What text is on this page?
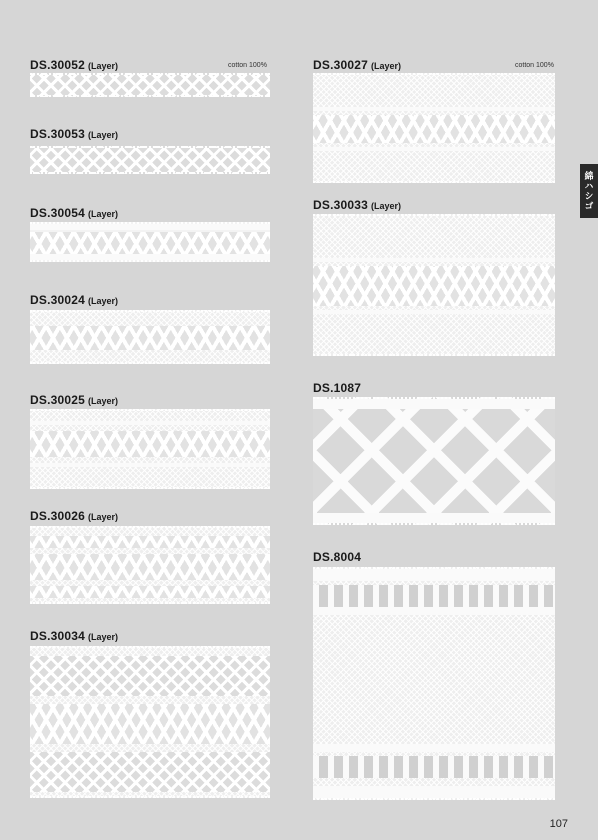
DS.30052 (Layer)	cotton 100%
DS.30053 (Layer)
DS.30054 (Layer)
DS.30024 (Layer)
DS.30025 (Layer)
DS.30026 (Layer)
DS.30034 (Layer)
DS.30027 (Layer)	cotton 100%
DS.30033 (Layer)
DS.1087
DS.8004
綿ハシゴ
107
